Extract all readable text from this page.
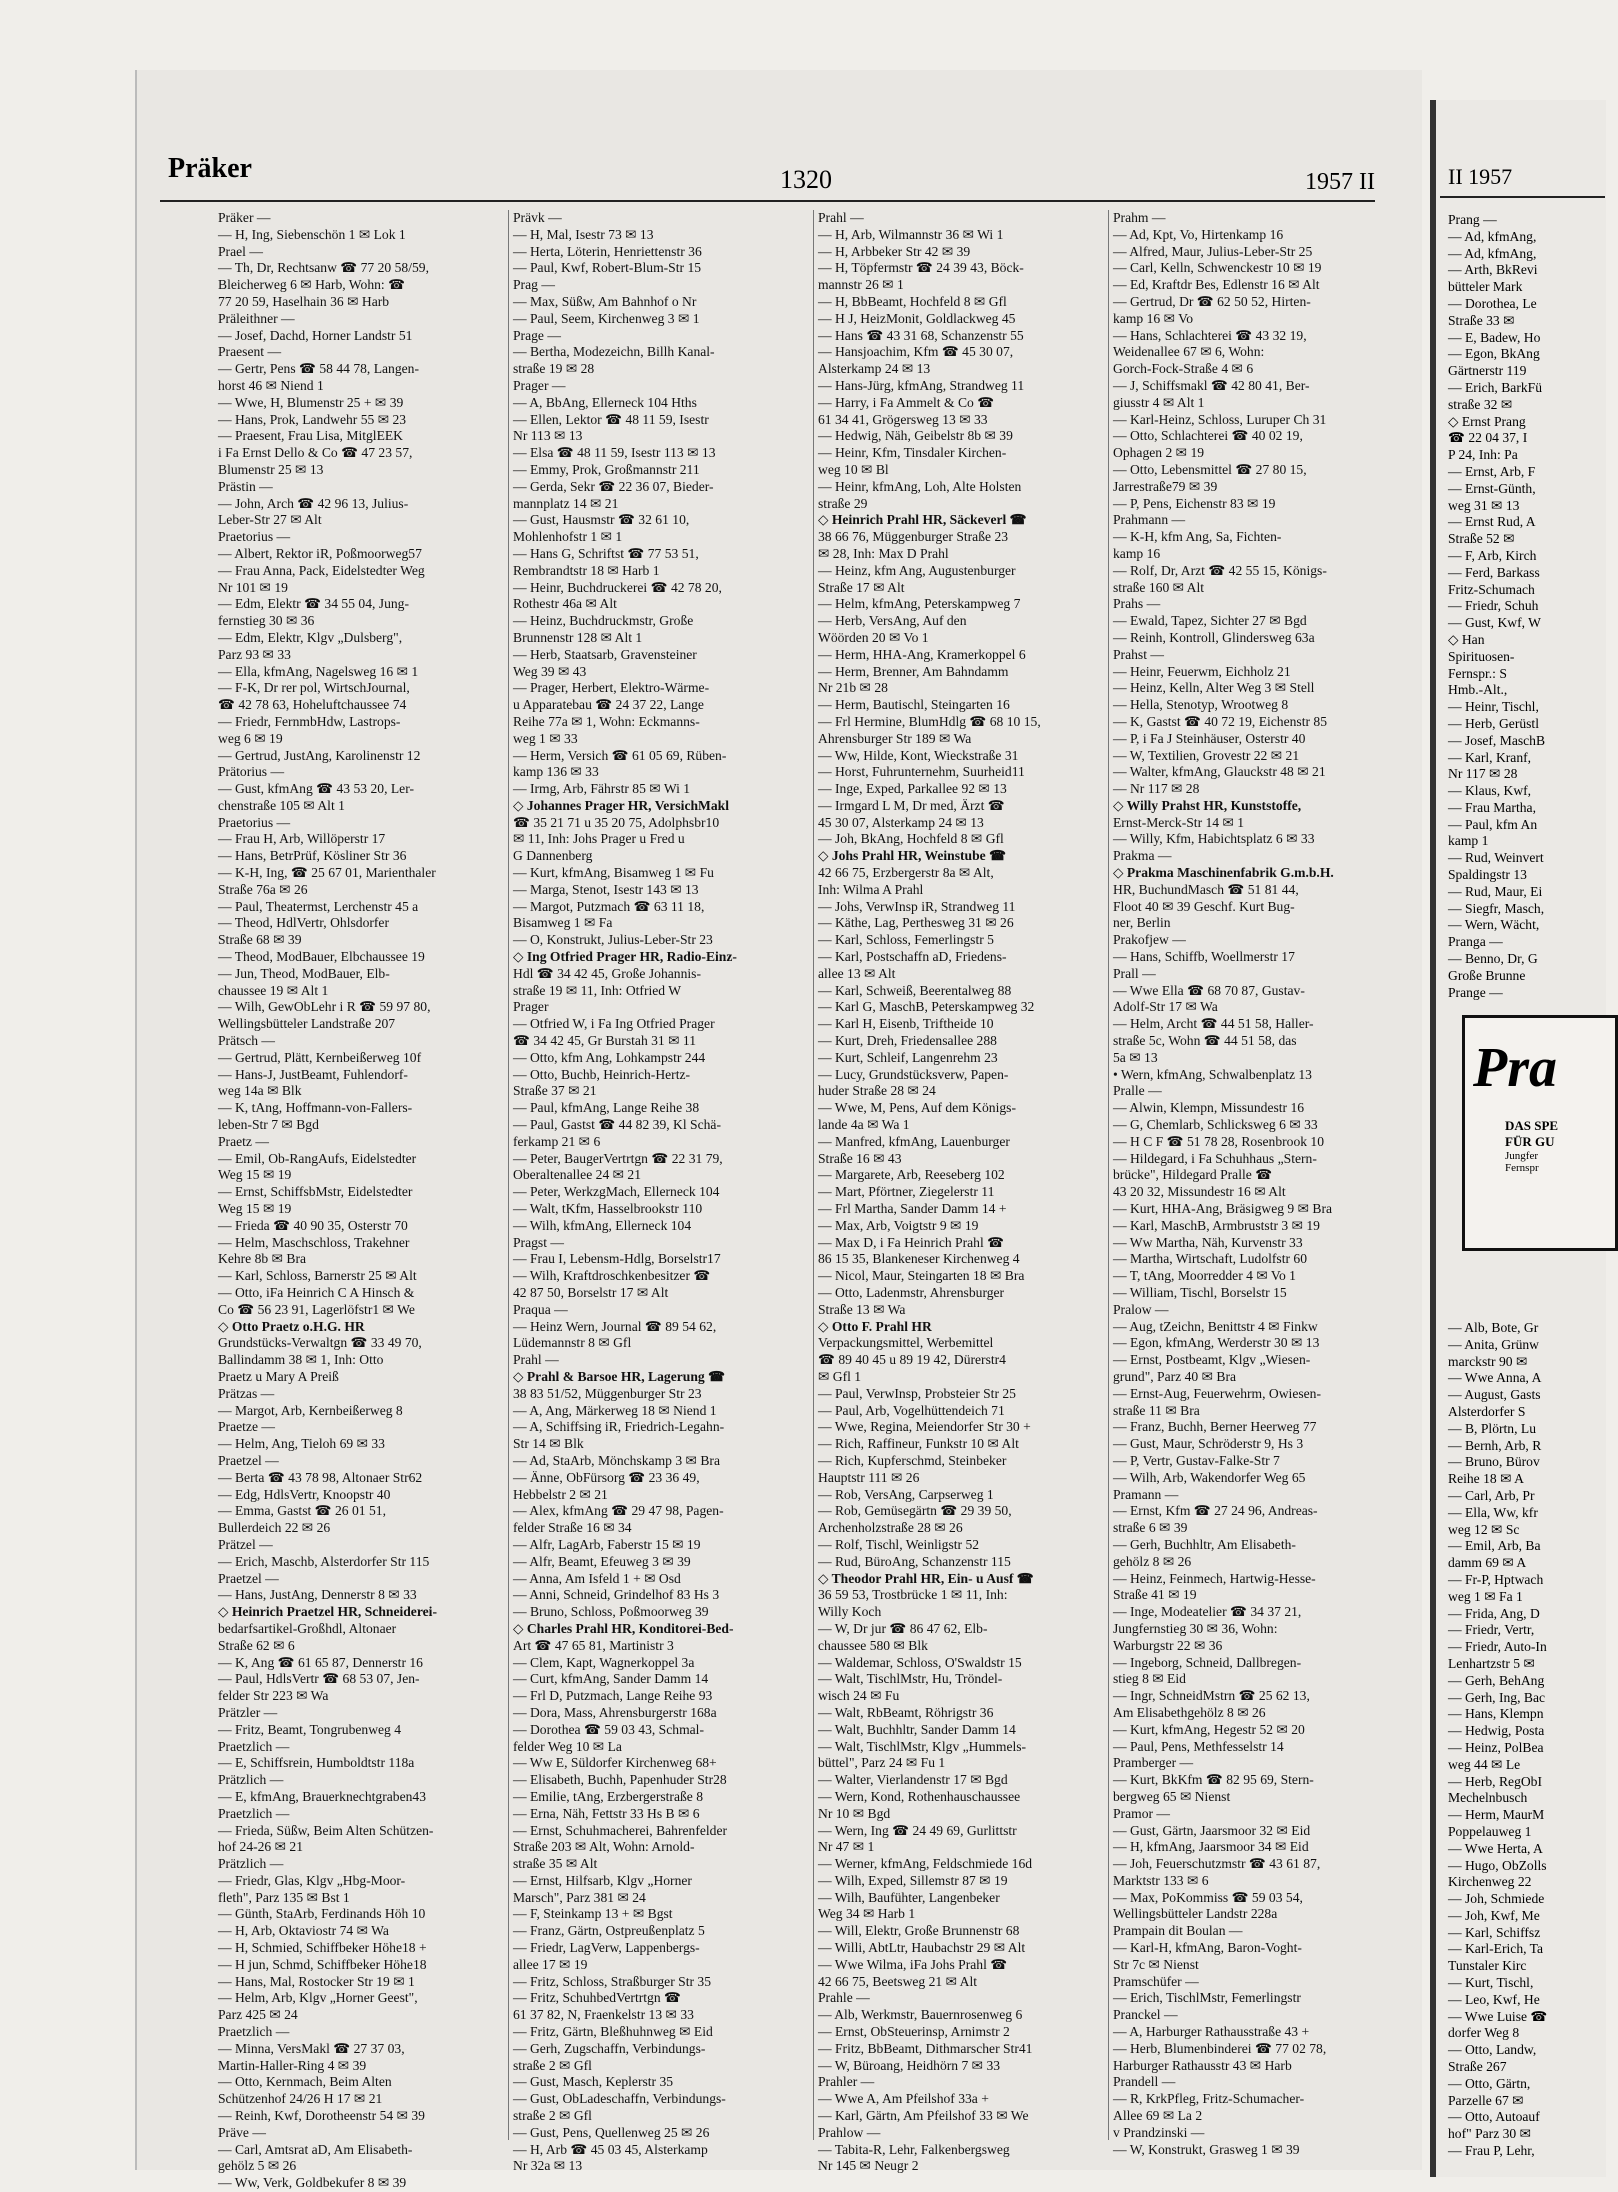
Präker	1320	1957 II
Präker —
— H, Ing, Siebenschön 1 ✉ Lok 1
Prael —
— Th, Dr, Rechtsanw ☎ 77 20 58/59,
Bleicherweg 6 ✉ Harb, Wohn: ☎
77 20 59, Haselhain 36 ✉ Harb
Präleithner —
— Josef, Dachd, Horner Landstr 51
Praesent —
— Gertr, Pens ☎ 58 44 78, Langen-
horst 46 ✉ Niend 1
— Wwe, H, Blumenstr 25 + ✉ 39
— Hans, Prok, Landwehr 55 ✉ 23
— Praesent, Frau Lisa, MitglEEK
i Fa Ernst Dello & Co ☎ 47 23 57,
Blumenstr 25 ✉ 13
Prästin —
— John, Arch ☎ 42 96 13, Julius-
Leber-Str 27 ✉ Alt
Praetorius —
— Albert, Rektor iR, Poßmoorweg57
— Frau Anna, Pack, Eidelstedter Weg
Nr 101 ✉ 19
— Edm, Elektr ☎ 34 55 04, Jung-
fernstieg 30 ✉ 36
— Edm, Elektr, Klgv „Dulsberg",
Parz 93 ✉ 33
— Ella, kfmAng, Nagelsweg 16 ✉ 1
— F-K, Dr rer pol, WirtschJournal,
☎ 42 78 63, Hoheluftchaussee 74
— Friedr, FernmbHdw, Lastrops-
weg 6 ✉ 19
— Gertrud, JustAng, Karolinenstr 12
Prätorius —
— Gust, kfmAng ☎ 43 53 20, Ler-
chenstraße 105 ✉ Alt 1
Praetorius —
— Frau H, Arb, Willöperstr 17
— Hans, BetrPrüf, Kösliner Str 36
— K-H, Ing, ☎ 25 67 01, Marienthaler
Straße 76a ✉ 26
— Paul, Theatermst, Lerchenstr 45 a
— Theod, HdlVertr, Ohlsdorfer
Straße 68 ✉ 39
— Theod, ModBauer, Elbchaussee 19
— Jun, Theod, ModBauer, Elb-
chaussee 19 ✉ Alt 1
— Wilh, GewObLehr i R ☎ 59 97 80,
Wellingsbütteler Landstraße 207
Prätsch —
— Gertrud, Plätt, Kernbeißerweg 10f
— Hans-J, JustBeamt, Fuhlendorf-
weg 14a ✉ Blk
— K, tAng, Hoffmann-von-Fallers-
leben-Str 7 ✉ Bgd
Praetz —
— Emil, Ob-RangAufs, Eidelstedter
Weg 15 ✉ 19
— Ernst, SchiffsbMstr, Eidelstedter
Weg 15 ✉ 19
— Frieda ☎ 40 90 35, Osterstr 70
— Helm, Maschschloss, Trakehner
Kehre 8b ✉ Bra
— Karl, Schloss, Barnerstr 25 ✉ Alt
— Otto, iFa Heinrich C A Hinsch &
Co ☎ 56 23 91, Lagerlöfstr1 ✉ We
◇ Otto Praetz o.H.G. HR
Grundstücks-Verwaltgn ☎ 33 49 70,
Ballindamm 38 ✉ 1, Inh: Otto
Praetz u Mary A Preiß
Prätzas —
— Margot, Arb, Kernbeißerweg 8
Praetze —
— Helm, Ang, Tieloh 69 ✉ 33
Praetzel —
— Berta ☎ 43 78 98, Altonaer Str62
— Edg, HdlsVertr, Knoopstr 40
— Emma, Gastst ☎ 26 01 51,
Bullerdeich 22 ✉ 26
Prätzel —
— Erich, Maschb, Alsterdorfer Str 115
Praetzel —
— Hans, JustAng, Dennerstr 8 ✉ 33
◇ Heinrich Praetzel HR, Schneiderei-
bedarfsartikel-Großhdl, Altonaer
Straße 62 ✉ 6
— K, Ang ☎ 61 65 87, Dennerstr 16
— Paul, HdlsVertr ☎ 68 53 07, Jen-
felder Str 223 ✉ Wa
Prätzler —
— Fritz, Beamt, Tongrubenweg 4
Praetzlich —
— E, Schiffsrein, Humboldtstr 118a
Prätzlich —
— E, kfmAng, Brauerknechtgraben43
Praetzlich —
— Frieda, Süßw, Beim Alten Schützen-
hof 24-26 ✉ 21
Prätzlich —
— Friedr, Glas, Klgv „Hbg-Moor-
fleth", Parz 135 ✉ Bst 1
— Günth, StaArb, Ferdinands Höh 10
— H, Arb, Oktaviostr 74 ✉ Wa
— H, Schmied, Schiffbeker Höhe18 +
— H jun, Schmd, Schiffbeker Höhe18
— Hans, Mal, Rostocker Str 19 ✉ 1
— Helm, Arb, Klgv „Horner Geest",
Parz 425 ✉ 24
Praetzlich —
— Minna, VersMakl ☎ 27 37 03,
Martin-Haller-Ring 4 ✉ 39
— Otto, Kernmach, Beim Alten
Schützenhof 24/26 H 17 ✉ 21
— Reinh, Kwf, Dorotheenstr 54 ✉ 39
Präve —
— Carl, Amtsrat aD, Am Elisabeth-
gehölz 5 ✉ 26
— Ww, Verk, Goldbekufer 8 ✉ 39
Prävk —
— H, Mal, Isestr 73 ✉ 13
— Herta, Löterin, Henriettenstr 36
— Paul, Kwf, Robert-Blum-Str 15
Prag —
— Max, Süßw, Am Bahnhof o Nr
— Paul, Seem, Kirchenweg 3 ✉ 1
Prage —
— Bertha, Modezeichn, Billh Kanal-
straße 19 ✉ 28
Prager —
— A, BbAng, Ellerneck 104 Hths
— Ellen, Lektor ☎ 48 11 59, Isestr
Nr 113 ✉ 13
— Elsa ☎ 48 11 59, Isestr 113 ✉ 13
— Emmy, Prok, Großmannstr 211
— Gerda, Sekr ☎ 22 36 07, Bieder-
mannplatz 14 ✉ 21
— Gust, Hausmstr ☎ 32 61 10,
Mohlenhofstr 1 ✉ 1
— Hans G, Schriftst ☎ 77 53 51,
Rembrandtstr 18 ✉ Harb 1
— Heinr, Buchdruckerei ☎ 42 78 20,
Rothestr 46a ✉ Alt
— Heinz, Buchdruckmstr, Große
Brunnenstr 128 ✉ Alt 1
— Herb, Staatsarb, Gravensteiner
Weg 39 ✉ 43
— Prager, Herbert, Elektro-Wärme-
u Apparatebau ☎ 24 37 22, Lange
Reihe 77a ✉ 1, Wohn: Eckmanns-
weg 1 ✉ 33
— Herm, Versich ☎ 61 05 69, Rüben-
kamp 136 ✉ 33
— Irmg, Arb, Fährstr 85 ✉ Wi 1
◇ Johannes Prager HR, VersichMakl
☎ 35 21 71 u 35 20 75, Adolphsbr10
✉ 11, Inh: Johs Prager u Fred u
G Dannenberg
— Kurt, kfmAng, Bisamweg 1 ✉ Fu
— Marga, Stenot, Isestr 143 ✉ 13
— Margot, Putzmach ☎ 63 11 18,
Bisamweg 1 ✉ Fa
— O, Konstrukt, Julius-Leber-Str 23
◇ Ing Otfried Prager HR, Radio-Einz-
Hdl ☎ 34 42 45, Große Johannis-
straße 19 ✉ 11, Inh: Otfried W
Prager
— Otfried W, i Fa Ing Otfried Prager
☎ 34 42 45, Gr Burstah 31 ✉ 11
— Otto, kfm Ang, Lohkampstr 244
— Otto, Buchb, Heinrich-Hertz-
Straße 37 ✉ 21
— Paul, kfmAng, Lange Reihe 38
— Paul, Gastst ☎ 44 82 39, Kl Schä-
ferkamp 21 ✉ 6
— Peter, BaugerVertrtgn ☎ 22 31 79,
Oberaltenallee 24 ✉ 21
— Peter, WerkzgMach, Ellerneck 104
— Walt, tKfm, Hasselbrookstr 110
— Wilh, kfmAng, Ellerneck 104
Pragst —
— Frau I, Lebensm-Hdlg, Borselstr17
— Wilh, Kraftdroschkenbesitzer ☎
42 87 50, Borselstr 17 ✉ Alt
Praqua —
— Heinz Wern, Journal ☎ 89 54 62,
Lüdemannstr 8 ✉ Gfl
Prahl —
◇ Prahl & Barsoe HR, Lagerung ☎
38 83 51/52, Müggenburger Str 23
— A, Ang, Märkerweg 18 ✉ Niend 1
— A, Schiffsing iR, Friedrich-Legahn-
Str 14 ✉ Blk
— Ad, StaArb, Mönchskamp 3 ✉ Bra
— Änne, ObFürsorg ☎ 23 36 49,
Hebbelstr 2 ✉ 21
— Alex, kfmAng ☎ 29 47 98, Pagen-
felder Straße 16 ✉ 34
— Alfr, LagArb, Faberstr 15 ✉ 19
— Alfr, Beamt, Efeuweg 3 ✉ 39
— Anna, Am Isfeld 1 + ✉ Osd
— Anni, Schneid, Grindelhof 83 Hs 3
— Bruno, Schloss, Poßmoorweg 39
◇ Charles Prahl HR, Konditorei-Bed-
Art ☎ 47 65 81, Martinistr 3
— Clem, Kapt, Wagnerkoppel 3a
— Curt, kfmAng, Sander Damm 14
— Frl D, Putzmach, Lange Reihe 93
— Dora, Mass, Ahrensburgerstr 168a
— Dorothea ☎ 59 03 43, Schmal-
felder Weg 10 ✉ La
— Ww E, Süldorfer Kirchenweg 68+
— Elisabeth, Buchh, Papenhuder Str28
— Emilie, tAng, Erzbergerstraße 8
— Erna, Näh, Fettstr 33 Hs B ✉ 6
— Ernst, Schuhmacherei, Bahrenfelder
Straße 203 ✉ Alt, Wohn: Arnold-
straße 35 ✉ Alt
— Ernst, Hilfsarb, Klgv „Horner
Marsch", Parz 381 ✉ 24
— F, Steinkamp 13 + ✉ Bgst
— Franz, Gärtn, Ostpreußenplatz 5
— Friedr, LagVerw, Lappenbergs-
allee 17 ✉ 19
— Fritz, Schloss, Straßburger Str 35
— Fritz, SchuhbedVertrtgn ☎
61 37 82, N, Fraenkelstr 13 ✉ 33
— Fritz, Gärtn, Bleßhuhnweg ✉ Eid
— Gerh, Zugschaffn, Verbindungs-
straße 2 ✉ Gfl
— Gust, Masch, Keplerstr 35
— Gust, ObLadeschaffn, Verbindungs-
straße 2 ✉ Gfl
— Gust, Pens, Quellenweg 25 ✉ 26
— H, Arb ☎ 45 03 45, Alsterkamp
Nr 32a ✉ 13
Prahl —
— H, Arb, Wilmannstr 36 ✉ Wi 1
— H, Arbbeker Str 42 ✉ 39
— H, Töpfermstr ☎ 24 39 43, Böck-
mannstr 26 ✉ 1
— H, BbBeamt, Hochfeld 8 ✉ Gfl
— H J, HeizMonit, Goldlackweg 45
— Hans ☎ 43 31 68, Schanzenstr 55
— Hansjoachim, Kfm ☎ 45 30 07,
Alsterkamp 24 ✉ 13
— Hans-Jürg, kfmAng, Strandweg 11
— Harry, i Fa Ammelt & Co ☎
61 34 41, Grögersweg 13 ✉ 33
— Hedwig, Näh, Geibelstr 8b ✉ 39
— Heinr, Kfm, Tinsdaler Kirchen-
weg 10 ✉ Bl
— Heinr, kfmAng, Loh, Alte Holsten
straße 29
◇ Heinrich Prahl HR, Säckeverl ☎
38 66 76, Müggenburger Straße 23
✉ 28, Inh: Max D Prahl
— Heinz, kfm Ang, Augustenburger
Straße 17 ✉ Alt
— Helm, kfmAng, Peterskampweg 7
— Herb, VersAng, Auf den
Wöörden 20 ✉ Vo 1
— Herm, HHA-Ang, Kramerkoppel 6
— Herm, Brenner, Am Bahndamm
Nr 21b ✉ 28
— Herm, Bautischl, Steingarten 16
— Frl Hermine, BlumHdlg ☎ 68 10 15,
Ahrensburger Str 189 ✉ Wa
— Ww, Hilde, Kont, Wieckstraße 31
— Horst, Fuhrunternehm, Suurheid11
— Inge, Exped, Parkallee 92 ✉ 13
— Irmgard L M, Dr med, Ärzt ☎
45 30 07, Alsterkamp 24 ✉ 13
— Joh, BkAng, Hochfeld 8 ✉ Gfl
◇ Johs Prahl HR, Weinstube ☎
42 66 75, Erzbergerstr 8a ✉ Alt,
Inh: Wilma A Prahl
— Johs, VerwInsp iR, Strandweg 11
— Käthe, Lag, Perthesweg 31 ✉ 26
— Karl, Schloss, Femerlingstr 5
— Karl, Postschaffn aD, Friedens-
allee 13 ✉ Alt
— Karl, Schweiß, Beerentalweg 88
— Karl G, MaschB, Peterskampweg 32
— Karl H, Eisenb, Triftheide 10
— Kurt, Dreh, Friedensallee 288
— Kurt, Schleif, Langenrehm 23
— Lucy, Grundstücksverw, Papen-
huder Straße 28 ✉ 24
— Wwe, M, Pens, Auf dem Königs-
lande 4a ✉ Wa 1
— Manfred, kfmAng, Lauenburger
Straße 16 ✉ 43
— Margarete, Arb, Reeseberg 102
— Mart, Pförtner, Ziegelerstr 11
— Frl Martha, Sander Damm 14 +
— Max, Arb, Voigtstr 9 ✉ 19
— Max D, i Fa Heinrich Prahl ☎
86 15 35, Blankeneser Kirchenweg 4
— Nicol, Maur, Steingarten 18 ✉ Bra
— Otto, Ladenmstr, Ahrensburger
Straße 13 ✉ Wa
◇ Otto F. Prahl HR
Verpackungsmittel, Werbemittel
☎ 89 40 45 u 89 19 42, Dürerstr4
✉ Gfl 1
— Paul, VerwInsp, Probsteier Str 25
— Paul, Arb, Vogelhüttendeich 71
— Wwe, Regina, Meiendorfer Str 30 +
— Rich, Raffineur, Funkstr 10 ✉ Alt
— Rich, Kupferschmd, Steinbeker
Hauptstr 111 ✉ 26
— Rob, VersAng, Carpserweg 1
— Rob, Gemüsegärtn ☎ 29 39 50,
Archenholzstraße 28 ✉ 26
— Rolf, Tischl, Weinligstr 52
— Rud, BüroAng, Schanzenstr 115
◇ Theodor Prahl HR, Ein- u Ausf ☎
36 59 53, Trostbrücke 1 ✉ 11, Inh:
Willy Koch
— W, Dr jur ☎ 86 47 62, Elb-
chaussee 580 ✉ Blk
— Waldemar, Schloss, O'Swaldstr 15
— Walt, TischlMstr, Hu, Tröndel-
wisch 24 ✉ Fu
— Walt, RbBeamt, Röhrigstr 36
— Walt, Buchhltr, Sander Damm 14
— Walt, TischlMstr, Klgv „Hummels-
büttel", Parz 24 ✉ Fu 1
— Walter, Vierlandenstr 17 ✉ Bgd
— Wern, Kond, Rothenhauschaussee
Nr 10 ✉ Bgd
— Wern, Ing ☎ 24 49 69, Gurlittstr
Nr 47 ✉ 1
— Werner, kfmAng, Feldschmiede 16d
— Wilh, Exped, Sillemstr 87 ✉ 19
— Wilh, Baufühter, Langenbeker
Weg 34 ✉ Harb 1
— Will, Elektr, Große Brunnenstr 68
— Willi, AbtLtr, Haubachstr 29 ✉ Alt
— Wwe Wilma, iFa Johs Prahl ☎
42 66 75, Beetsweg 21 ✉ Alt
Prahle —
— Alb, Werkmstr, Bauernrosenweg 6
— Ernst, ObSteuerinsp, Arnimstr 2
— Fritz, BbBeamt, Dithmarscher Str41
— W, Büroang, Heidhörn 7 ✉ 33
Prahler —
— Wwe A, Am Pfeilshof 33a +
— Karl, Gärtn, Am Pfeilshof 33 ✉ We
Prahlow —
— Tabita-R, Lehr, Falkenbergsweg
Nr 145 ✉ Neugr 2
Prahm —
— Ad, Kpt, Vo, Hirtenkamp 16
— Alfred, Maur, Julius-Leber-Str 25
— Carl, Kelln, Schwenckestr 10 ✉ 19
— Ed, Kraftdr Bes, Edlenstr 16 ✉ Alt
— Gertrud, Dr ☎ 62 50 52, Hirten-
kamp 16 ✉ Vo
— Hans, Schlachterei ☎ 43 32 19,
Weidenallee 67 ✉ 6, Wohn:
Gorch-Fock-Straße 4 ✉ 6
— J, Schiffsmakl ☎ 42 80 41, Ber-
giusstr 4 ✉ Alt 1
— Karl-Heinz, Schloss, Luruper Ch 31
— Otto, Schlachterei ☎ 40 02 19,
Ophagen 2 ✉ 19
— Otto, Lebensmittel ☎ 27 80 15,
Jarrestraße79 ✉ 39
— P, Pens, Eichenstr 83 ✉ 19
Prahmann —
— K-H, kfm Ang, Sa, Fichten-
kamp 16
— Rolf, Dr, Arzt ☎ 42 55 15, Königs-
straße 160 ✉ Alt
Prahs —
— Ewald, Tapez, Sichter 27 ✉ Bgd
— Reinh, Kontroll, Glindersweg 63a
Prahst —
— Heinr, Feuerwm, Eichholz 21
— Heinz, Kelln, Alter Weg 3 ✉ Stell
— Hella, Stenotyp, Wrootweg 8
— K, Gastst ☎ 40 72 19, Eichenstr 85
— P, i Fa J Steinhäuser, Osterstr 40
— W, Textilien, Grovestr 22 ✉ 21
— Walter, kfmAng, Glauckstr 48 ✉ 21
— Nr 117 ✉ 28
◇ Willy Prahst HR, Kunststoffe,
Ernst-Merck-Str 14 ✉ 1
— Willy, Kfm, Habichtsplatz 6 ✉ 33
Prakma —
◇ Prakma Maschinenfabrik G.m.b.H.
HR, BuchundMasch ☎ 51 81 44,
Floot 40 ✉ 39 Geschf. Kurt Bug-
ner, Berlin
Prakofjew —
— Hans, Schiffb, Woellmerstr 17
Prall —
— Wwe Ella ☎ 68 70 87, Gustav-
Adolf-Str 17 ✉ Wa
— Helm, Archt ☎ 44 51 58, Haller-
straße 5c, Wohn ☎ 44 51 58, das
5a ✉ 13
• Wern, kfmAng, Schwalbenplatz 13
Pralle —
— Alwin, Klempn, Missundestr 16
— G, Chemlarb, Schlicksweg 6 ✉ 33
— H C F ☎ 51 78 28, Rosenbrook 10
— Hildegard, i Fa Schuhhaus „Stern-
brücke", Hildegard Pralle ☎
43 20 32, Missundestr 16 ✉ Alt
— Kurt, HHA-Ang, Bräsigweg 9 ✉ Bra
— Karl, MaschB, Armbruststr 3 ✉ 19
— Ww Martha, Näh, Kurvenstr 33
— Martha, Wirtschaft, Ludolfstr 60
— T, tAng, Moorredder 4 ✉ Vo 1
— William, Tischl, Borselstr 15
Pralow —
— Aug, tZeichn, Benittstr 4 ✉ Finkw
— Egon, kfmAng, Werderstr 30 ✉ 13
— Ernst, Postbeamt, Klgv „Wiesen-
grund", Parz 40 ✉ Bra
— Ernst-Aug, Feuerwehrm, Owiesen-
straße 11 ✉ Bra
— Franz, Buchh, Berner Heerweg 77
— Gust, Maur, Schröderstr 9, Hs 3
— P, Vertr, Gustav-Falke-Str 7
— Wilh, Arb, Wakendorfer Weg 65
Pramann —
— Ernst, Kfm ☎ 27 24 96, Andreas-
straße 6 ✉ 39
— Gerh, Buchhltr, Am Elisabeth-
gehölz 8 ✉ 26
— Heinz, Feinmech, Hartwig-Hesse-
Straße 41 ✉ 19
— Inge, Modeatelier ☎ 34 37 21,
Jungfernstieg 30 ✉ 36, Wohn:
Warburgstr 22 ✉ 36
— Ingeborg, Schneid, Dallbregen-
stieg 8 ✉ Eid
— Ingr, SchneidMstrn ☎ 25 62 13,
Am Elisabethgehölz 8 ✉ 26
— Kurt, kfmAng, Hegestr 52 ✉ 20
— Paul, Pens, Methfesselstr 14
Pramberger —
— Kurt, BkKfm ☎ 82 95 69, Stern-
bergweg 65 ✉ Nienst
Pramor —
— Gust, Gärtn, Jaarsmoor 32 ✉ Eid
— H, kfmAng, Jaarsmoor 34 ✉ Eid
— Joh, Feuerschutzmstr ☎ 43 61 87,
Marktstr 133 ✉ 6
— Max, PoKommiss ☎ 59 03 54,
Wellingsbütteler Landstr 228a
Prampain dit Boulan —
— Karl-H, kfmAng, Baron-Voght-
Str 7c ✉ Nienst
Pramschüfer —
— Erich, TischlMstr, Femerlingstr
Pranckel —
— A, Harburger Rathausstraße 43 +
— Herb, Blumenbinderei ☎ 77 02 78,
Harburger Rathausstr 43 ✉ Harb
Prandell —
— R, KrkPfleg, Fritz-Schumacher-
Allee 69 ✉ La 2
v Prandzinski —
— W, Konstrukt, Grasweg 1 ✉ 39
II 1957
Prang —
— Ad, kfmAng,
— Ad, kfmAng,
— Arth, BkRevi
bütteler Mark
— Dorothea, Le
Straße 33 ✉
— E, Badew, Ho
— Egon, BkAng
Gärtnerstr 119
— Erich, BarkFü
straße 32 ✉
◇ Ernst Prang
☎ 22 04 37, I
P 24, Inh: Pa
— Ernst, Arb, F
— Ernst-Günth,
weg 31 ✉ 13
— Ernst Rud, A
Straße 52 ✉
— F, Arb, Kirch
— Ferd, Barkass
Fritz-Schumach
— Friedr, Schuh
— Gust, Kwf, W
◇ Han
Spirituosen-
Fernspr.: S
Hmb.-Alt.,
— Heinr, Tischl,
— Herb, Gerüstl
— Josef, MaschB
— Karl, Kranf,
Nr 117 ✉ 28
— Klaus, Kwf,
— Frau Martha,
— Paul, kfm An
kamp 1
— Rud, Weinvert
Spaldingstr 13
— Rud, Maur, Ei
— Siegfr, Masch,
— Wern, Wächt,
Pranga —
— Benno, Dr, G
Große Brunne
Prange —
Pra
DAS SPE
FÜR GU
Jungfer
Fernspr
— Alb, Bote, Gr
— Anita, Grünw
marckstr 90 ✉
— Wwe Anna, A
— August, Gasts
Alsterdorfer S
— B, Plörtn, Lu
— Bernh, Arb, R
— Bruno, Bürov
Reihe 18 ✉ A
— Carl, Arb, Pr
— Ella, Ww, kfr
weg 12 ✉ Sc
— Emil, Arb, Ba
damm 69 ✉ A
— Fr-P, Hptwach
weg 1 ✉ Fa 1
— Frida, Ang, D
— Friedr, Vertr,
— Friedr, Auto-In
Lenhartzstr 5 ✉
— Gerh, BehAng
— Gerh, Ing, Bac
— Hans, Klempn
— Hedwig, Posta
— Heinz, PolBea
weg 44 ✉ Le
— Herb, RegObI
Mechelnbusch
— Herm, MaurM
Poppelauweg 1
— Wwe Herta, A
— Hugo, ObZolls
Kirchenweg 22
— Joh, Schmiede
— Joh, Kwf, Me
— Karl, Schiffsz
— Karl-Erich, Ta
Tunstaler Kirc
— Kurt, Tischl,
— Leo, Kwf, He
— Wwe Luise ☎
dorfer Weg 8
— Otto, Landw,
Straße 267
— Otto, Gärtn,
Parzelle 67 ✉
— Otto, Autoauf
hof" Parz 30 ✉
— Frau P, Lehr,
